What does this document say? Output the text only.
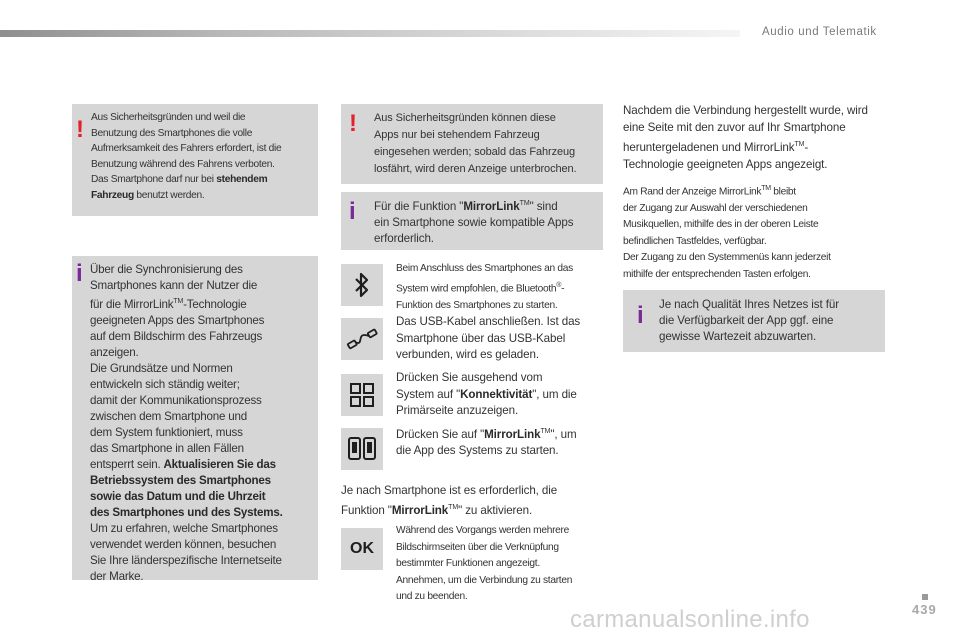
Audio und Telematik
! Aus Sicherheitsgründen und weil die
Benutzung des Smartphones die volle
Aufmerksamkeit des Fahrers erfordert, ist die
Benutzung während des Fahrens verboten.
Das Smartphone darf nur bei stehendem
Fahrzeug benutzt werden.
i Über die Synchronisierung des
Smartphones kann der Nutzer die
für die MirrorLink™-Technologie
geeigneten Apps des Smartphones
auf dem Bildschirm des Fahrzeugs
anzeigen.
Die Grundsätze und Normen
entwickeln sich ständig weiter;
damit der Kommunikationsprozess
zwischen dem Smartphone und
dem System funktioniert, muss
das Smartphone in allen Fällen
entsperrt sein. Aktualisieren Sie das
Betriebssystem des Smartphones
sowie das Datum und die Uhrzeit
des Smartphones und des Systems.
Um zu erfahren, welche Smartphones
verwendet werden können, besuchen
Sie Ihre länderspezifische Internetseite
der Marke.
! Aus Sicherheitsgründen können diese
Apps nur bei stehendem Fahrzeug
eingesehen werden; sobald das Fahrzeug
losfährt, wird deren Anzeige unterbrochen.
i Für die Funktion "MirrorLink™" sind
ein Smartphone sowie kompatible Apps
erforderlich.
Beim Anschluss des Smartphones an das
System wird empfohlen, die Bluetooth®-
Funktion des Smartphones zu starten.
Das USB-Kabel anschließen. Ist das
Smartphone über das USB-Kabel
verbunden, wird es geladen.
Drücken Sie ausgehend vom
System auf "Konnektivität", um die
Primärseite anzuzeigen.
Drücken Sie auf "MirrorLink™", um
die App des Systems zu starten.
Je nach Smartphone ist es erforderlich, die
Funktion "MirrorLink™" zu aktivieren.
OK
Während des Vorgangs werden mehrere
Bildschirmseiten über die Verknüpfung
bestimmter Funktionen angezeigt.
Annehmen, um die Verbindung zu starten
und zu beenden.
Nachdem die Verbindung hergestellt wurde, wird
eine Seite mit den zuvor auf Ihr Smartphone
heruntergeladenen und MirrorLink™-
Technologie geeigneten Apps angezeigt.
Am Rand der Anzeige MirrorLink™ bleibt
der Zugang zur Auswahl der verschiedenen
Musikquellen, mithilfe des in der oberen Leiste
befindlichen Tastfeldes, verfügbar.
Der Zugang zu den Systemmenüs kann jederzeit
mithilfe der entsprechenden Tasten erfolgen.
i Je nach Qualität Ihres Netzes ist für
die Verfügbarkeit der App ggf. eine
gewisse Wartezeit abzuwarten.
439
carmanualsonline.info
